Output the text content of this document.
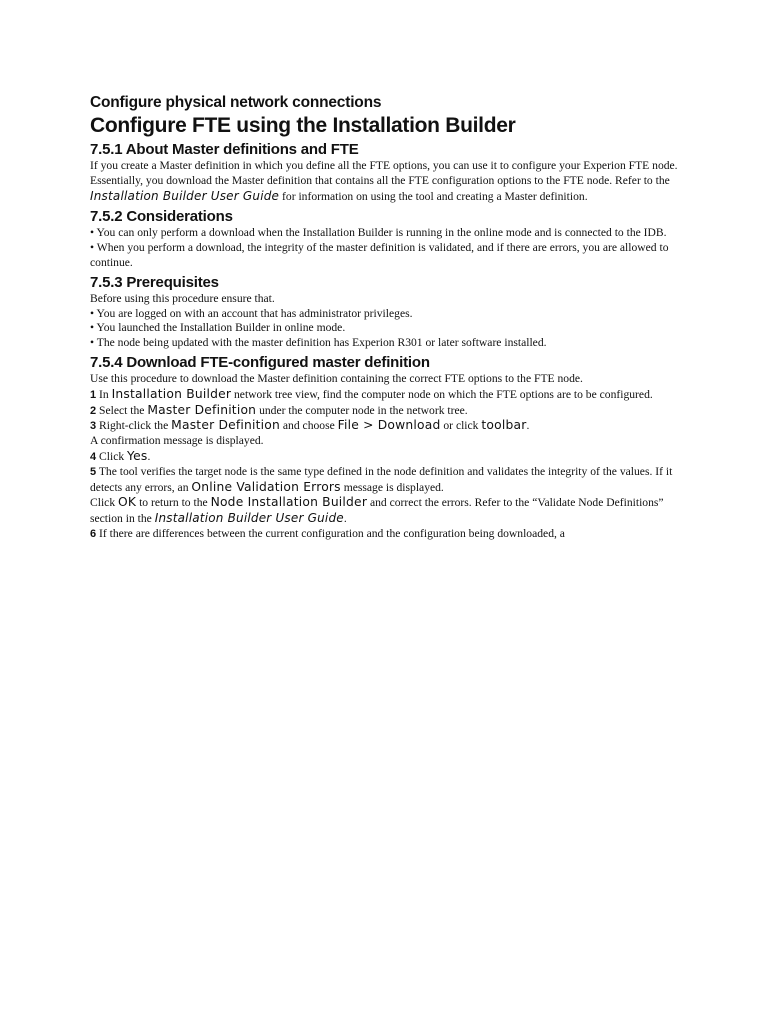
Configure physical network connections
Configure FTE using the Installation Builder
7.5.1 About Master definitions and FTE

If you create a Master definition in which you define all the FTE options, you can use it to configure your Experion FTE node. Essentially, you download the Master definition that contains all the FTE configuration options to the FTE node. Refer to the Installation Builder User Guide for information on using the tool and creating a Master definition.

7.5.2 Considerations

• You can only perform a download when the Installation Builder is running in the online mode and is connected to the IDB.

• When you perform a download, the integrity of the master definition is validated, and if there are errors, you are allowed to continue.

7.5.3 Prerequisites

Before using this procedure ensure that.

• You are logged on with an account that has administrator privileges.

• You launched the Installation Builder in online mode.

• The node being updated with the master definition has Experion R301 or later software installed.

7.5.4 Download FTE-configured master definition

Use this procedure to download the Master definition containing the correct FTE options to the FTE node.

1 In Installation Builder network tree view, find the computer node on which the FTE options are to be configured.

2 Select the Master Definition under the computer node in the network tree.

3 Right-click the Master Definition and choose File > Download or click toolbar.

A confirmation message is displayed.

4 Click Yes.

5 The tool verifies the target node is the same type defined in the node definition and validates the integrity of the values. If it detects any errors, an Online Validation Errors message is displayed.

Click OK to return to the Node Installation Builder and correct the errors. Refer to the “Validate Node Definitions” section in the Installation Builder User Guide.

6 If there are differences between the current configuration and the configuration being downloaded, a
